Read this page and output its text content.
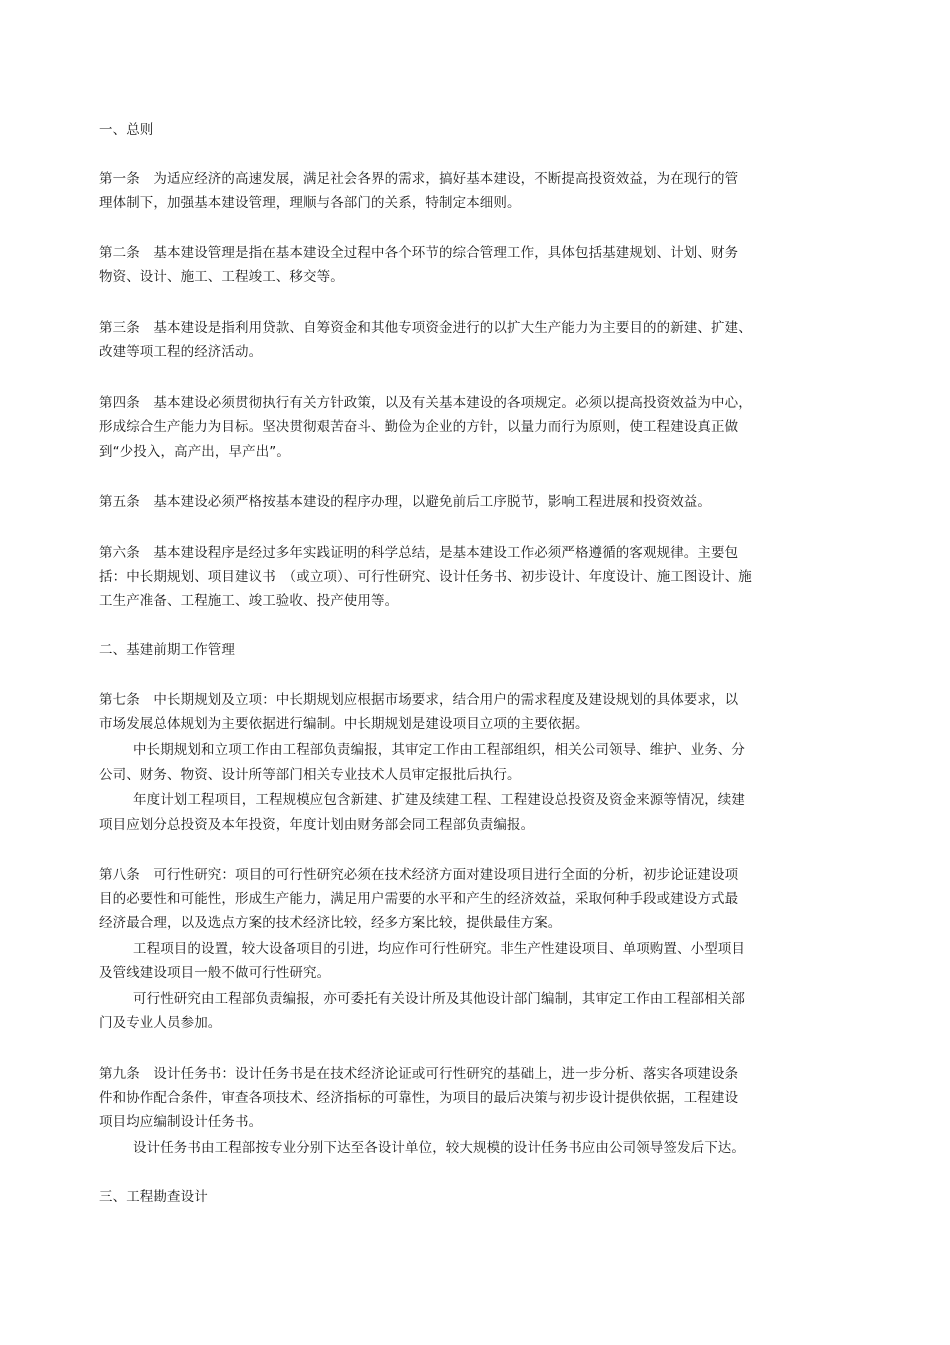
一、总则
第一条　为适应经济的高速发展，满足社会各界的需求，搞好基本建设，不断提高投资效益，为在现行的管
理体制下，加强基本建设管理，理顺与各部门的关系，特制定本细则。
第二条　基本建设管理是指在基本建设全过程中各个环节的综合管理工作，具体包括基建规划、计划、财务
物资、设计、施工、工程竣工、移交等。
第三条　基本建设是指利用贷款、自筹资金和其他专项资金进行的以扩大生产能力为主要目的的新建、扩建、
改建等项工程的经济活动。
第四条　基本建设必须贯彻执行有关方针政策，以及有关基本建设的各项规定。必须以提高投资效益为中心，
形成综合生产能力为目标。坚决贯彻艰苦奋斗、勤俭为企业的方针，以量力而行为原则，使工程建设真正做
到“少投入，高产出，早产出”。
第五条　基本建设必须严格按基本建设的程序办理，以避免前后工序脱节，影响工程进展和投资效益。
第六条　基本建设程序是经过多年实践证明的科学总结，是基本建设工作必须严格遵循的客观规律。主要包
括：中长期规划、项目建议书　（或立项）、可行性研究、设计任务书、初步设计、年度设计、施工图设计、施
工生产准备、工程施工、竣工验收、投产使用等。
二、基建前期工作管理
第七条　中长期规划及立项：中长期规划应根据市场要求，结合用户的需求程度及建设规划的具体要求，以
市场发展总体规划为主要依据进行编制。中长期规划是建设项目立项的主要依据。
中长期规划和立项工作由工程部负责编报，其审定工作由工程部组织，相关公司领导、维护、业务、分
公司、财务、物资、设计所等部门相关专业技术人员审定报批后执行。
年度计划工程项目，工程规模应包含新建、扩建及续建工程、工程建设总投资及资金来源等情况，续建
项目应划分总投资及本年投资，年度计划由财务部会同工程部负责编报。
第八条　可行性研究：项目的可行性研究必须在技术经济方面对建设项目进行全面的分析，初步论证建设项
目的必要性和可能性，形成生产能力，满足用户需要的水平和产生的经济效益，采取何种手段或建设方式最
经济最合理，以及选点方案的技术经济比较，经多方案比较，提供最佳方案。
工程项目的设置，较大设备项目的引进，均应作可行性研究。非生产性建设项目、单项购置、小型项目
及管线建设项目一般不做可行性研究。
可行性研究由工程部负责编报，亦可委托有关设计所及其他设计部门编制，其审定工作由工程部相关部
门及专业人员参加。
第九条　设计任务书：设计任务书是在技术经济论证或可行性研究的基础上，进一步分析、落实各项建设条
件和协作配合条件，审查各项技术、经济指标的可靠性，为项目的最后决策与初步设计提供依据，工程建设
项目均应编制设计任务书。
设计任务书由工程部按专业分别下达至各设计单位，较大规模的设计任务书应由公司领导签发后下达。
三、工程勘查设计
